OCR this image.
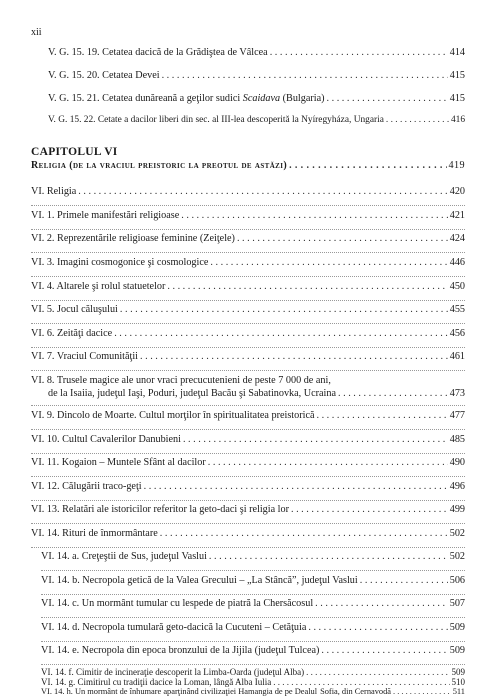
xii
V. G. 15. 19. Cetatea dacică de la Grădiştea de Vâlcea . . .	414
V. G. 15. 20. Cetatea Devei . . .	415
V. G. 15. 21. Cetatea dunăreană a geţilor sudici Scaidava (Bulgaria) . . .	415
V. G. 15. 22. Cetate a dacilor liberi din sec. al III-lea descoperită la Nyíregyháza, Ungaria . . .	416
CAPITOLUL VI
Religia (de la vraciul preistoric la preotul de astăzi) . . .	419
VI. Religia . . .	420
VI. 1. Primele manifestări religioase . . .	421
VI. 2. Reprezentările religioase feminine (Zeiţele) . . .	424
VI. 3. Imagini cosmogonice şi cosmologice . . .	446
VI. 4. Altarele şi rolul statuetelor . . .	450
VI. 5. Jocul căluşului . . .	455
VI. 6. Zeităţi dacice . . .	456
VI. 7. Vraciul Comunităţii . . .	461
VI. 8. Trusele magice ale unor vraci precucutenieni de peste 7 000 de ani,
de la Isaiia, judeţul Iaşi, Poduri, judeţul Bacău şi Sabatinovka, Ucraina . . .	473
VI. 9. Dincolo de Moarte. Cultul morţilor în spiritualitatea preistorică . . .	477
VI. 10. Cultul Cavalerilor Danubieni . . .	485
VI. 11. Kogaion – Muntele Sfânt al dacilor . . .	490
VI. 12. Călugării traco-geţi . . .	496
VI. 13. Relatări ale istoricilor referitor la geto-daci şi religia lor . . .	499
VI. 14. Rituri de înmormântare . . .	502
VI. 14. a. Creţeştii de Sus, judeţul Vaslui . . .	502
VI. 14. b. Necropola getică de la Valea Grecului – „La Stâncă”, judeţul Vaslui . . .	506
VI. 14. c. Un mormânt tumular cu lespede de piatră la Chersăcosul . . .	507
VI. 14. d. Necropola tumulară geto-dacică la Cucuteni – Cetăţuia . . .	509
VI. 14. e. Necropola din epoca bronzului de la Jijila (judeţul Tulcea) . . .	509
VI. 14. f. Cimitir de incineraţie descoperit la Limba-Oarda (judeţul Alba) . . .	509
VI. 14. g. Cimitirul cu tradiţii dacice la Loman, lângă Alba Iulia . . .	510
VI. 14. h. Un mormânt de înhumare aparţinând civilizaţiei Hamangia de pe Dealul Sofia, din Cernavodă . . .	511
